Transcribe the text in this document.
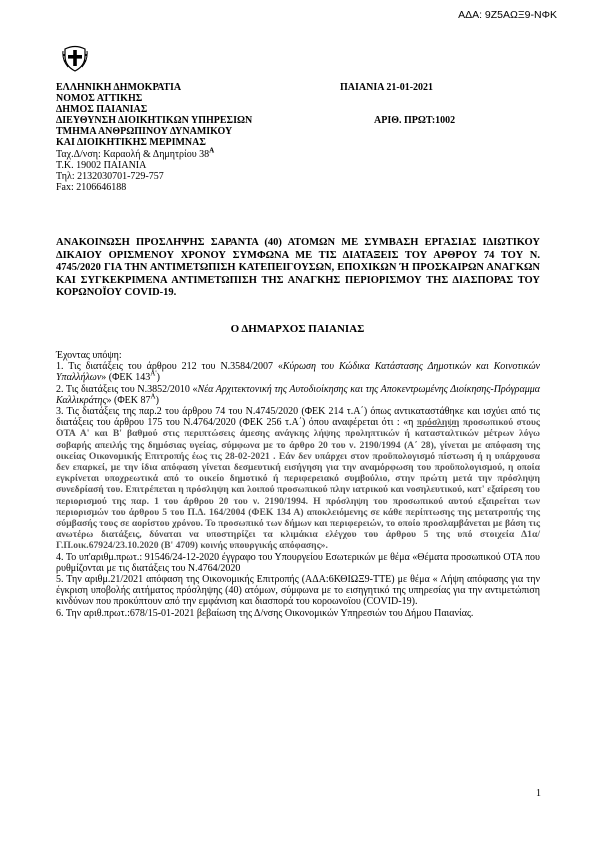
ΑΔΑ: 9Ζ5ΑΩΞ9-ΝΦΚ
ΕΛΛΗΝΙΚΗ ΔΗΜΟΚΡΑΤΙΑ	ΠΑΙΑΝΙΑ 21-01-2021
ΝΟΜΟΣ ΑΤΤΙΚΗΣ
ΔΗΜΟΣ ΠΑΙΑΝΙΑΣ
ΔΙΕΥΘΥΝΣΗ ΔΙΟΙΚΗΤΙΚΩΝ ΥΠΗΡΕΣΙΩΝ	ΑΡΙΘ. ΠΡΩΤ:1002
ΤΜΗΜΑ ΑΝΘΡΩΠΙΝΟΥ ΔΥΝΑΜΙΚΟΥ
ΚΑΙ ΔΙΟΙΚΗΤΙΚΗΣ ΜΕΡΙΜΝΑΣ
Ταχ.Δ/νση: Καραολή & Δημητρίου $38^A$
Τ.Κ. 19002 ΠΑΙΑΝΙΑ
Τηλ: 2132030701-729-757
Fax: 2106646188
ΑΝΑΚΟΙΝΩΣΗ ΠΡΟΣΛΗΨΗΣ ΣΑΡΑΝΤΑ (40) ΑΤΟΜΩΝ ΜΕ ΣΥΜΒΑΣΗ ΕΡΓΑΣΙΑΣ ΙΔΙΩΤΙΚΟΥ ΔΙΚΑΙΟΥ ΟΡΙΣΜΕΝΟΥ ΧΡΟΝΟΥ ΣΥΜΦΩΝΑ ΜΕ ΤΙΣ ΔΙΑΤΑΞΕΙΣ ΤΟΥ ΑΡΘΡΟΥ 74 ΤΟΥ Ν. 4745/2020 ΓΙΑ ΤΗΝ ΑΝΤΙΜΕΤΩΠΙΣΗ ΚΑΤΕΠΕΙΓΟΥΣΩΝ, ΕΠΟΧΙΚΩΝ Ή ΠΡΟΣΚΑΙΡΩΝ ΑΝΑΓΚΩΝ ΚΑΙ ΣΥΓΚΕΚΡΙΜΕΝΑ ΑΝΤΙΜΕΤΩΠΙΣΗ ΤΗΣ ΑΝΑΓΚΗΣ ΠΕΡΙΟΡΙΣΜΟΥ ΤΗΣ ΔΙΑΣΠΟΡΑΣ ΤΟΥ ΚΟΡΩΝΟΪΟΥ COVID-19.
Ο ΔΗΜΑΡΧΟΣ ΠΑΙΑΝΙΑΣ

Έχοντας υπόψη:

1. Τις διατάξεις του άρθρου 212 του Ν.3584/2007 «Κύρωση του Κώδικα Κατάστασης Δημοτικών και Κοινοτικών Υπαλλήλων» (ΦΕΚ $143^{A'}$)

2. Τις διατάξεις του Ν.3852/2010 «Νέα Αρχιτεκτονική της Αυτοδιοίκησης και της Αποκεντρωμένης Διοίκησης-Πρόγραμμα Καλλικράτης» (ΦΕΚ $87^A$)

3. Τις διατάξεις της παρ.2 του άρθρου 74 του Ν.4745/2020 (ΦΕΚ 214 τ.Α΄) όπως αντικαταστάθηκε και ισχύει από τις διατάξεις του άρθρου 175 του Ν.4764/2020 (ΦΕΚ 256 τ.Α΄) όπου αναφέρεται ότι : «η πρόσληψη προσωπικού στους ΟΤΑ Α' και Β' βαθμού στις περιπτώσεις άμεσης ανάγκης λήψης προληπτικών ή κατασταλτικών μέτρων λόγω σοβαρής απειλής της δημόσιας υγείας, σύμφωνα με το άρθρο 20 του ν. 2190/1994 (Α΄ 28), γίνεται με απόφαση της οικείας Οικονομικής Επιτροπής έως τις 28-02-2021 . Εάν δεν υπάρχει στον προϋπολογισμό πίστωση ή η υπάρχουσα δεν επαρκεί, με την ίδια απόφαση γίνεται δεσμευτική εισήγηση για την αναμόρφωση του προϋπολογισμού, η οποία εγκρίνεται υποχρεωτικά από το οικείο δημοτικό ή περιφερειακό συμβούλιο, στην πρώτη μετά την πρόσληψη συνεδρίασή του. Επιτρέπεται η πρόσληψη και λοιπού προσωπικού πλην ιατρικού και νοσηλευτικού, κατ' εξαίρεση του περιορισμού της παρ. 1 του άρθρου 20 του ν. 2190/1994. Η πρόσληψη του προσωπικού αυτού εξαιρείται των περιορισμών του άρθρου 5 του Π.Δ. 164/2004 (ΦΕΚ 134 Α) αποκλειόμενης σε κάθε περίπτωσης της μετατροπής της σύμβασής τους σε αορίστου χρόνου. Το προσωπικό των δήμων και περιφερειών, το οποίο προσλαμβάνεται με βάση τις ανωτέρω διατάξεις, δύναται να υποστηρίζει τα κλιμάκια ελέγχου του άρθρου 5 της υπό στοιχεία Δ1α/Γ.Π.οικ.67924/23.10.2020 (Β' 4709) κοινής υπουργικής απόφασης».

4. Το υπ'αριθμ.πρωτ.: 91546/24-12-2020 έγγραφο του Υπουργείου Εσωτερικών με θέμα «Θέματα προσωπικού ΟΤΑ που ρυθμίζονται με τις διατάξεις του Ν.4764/2020

5. Την αριθμ.21/2021 απόφαση της Οικονομικής Επιτροπής (ΑΔΑ:6ΚΘΙΩΞ9-ΤΤΕ) με θέμα « Λήψη απόφασης για την έγκριση υποβολής αιτήματος πρόσληψης (40) ατόμων, σύμφωνα με το εισηγητικό της υπηρεσίας για την αντιμετώπιση κινδύνων που προκύπτουν από την εμφάνιση και διασπορά του κοροωνοϊου (COVID-19).

6. Την αριθ.πρωτ.:678/15-01-2021 βεβαίωση της Δ/νσης Οικονομικών Υπηρεσιών του Δήμου Παιανίας.

1
